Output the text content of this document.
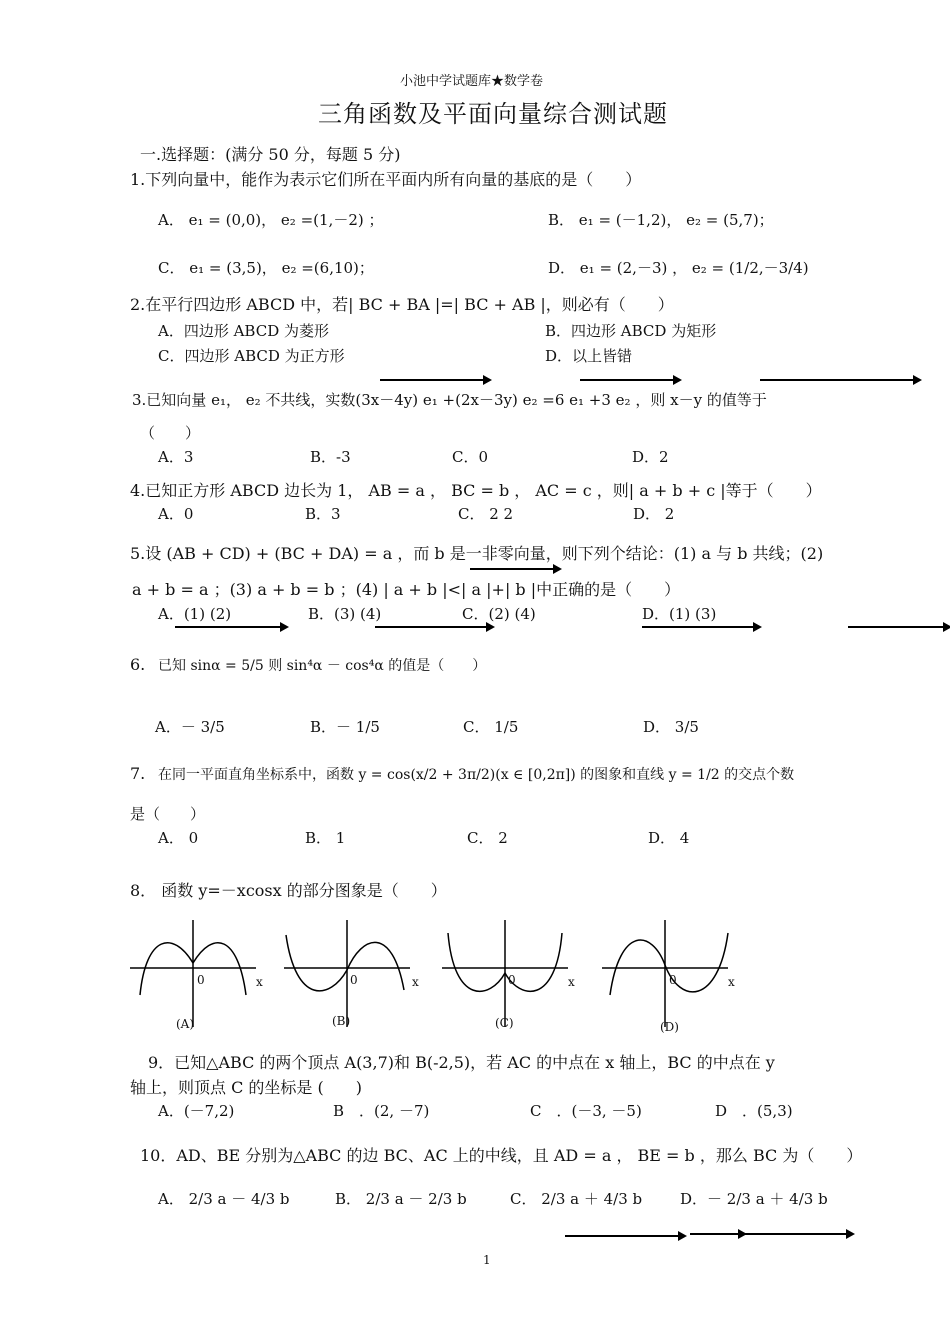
小池中学试题库★数学卷
三角函数及平面向量综合测试题
一.选择题：(满分 50 分，每题 5 分)
1.下列向量中，能作为表示它们所在平面内所有向量的基底的是（　　）
A． e₁ = (0,0)， e₂ =(1,－2) ；	B． e₁ = (－1,2)， e₂ = (5,7)；
C． e₁ = (3,5)， e₂ =(6,10)；	D． e₁ = (2,－3) ， e₂ = (1/2,－3/4)
2.在平行四边形 ABCD 中，若| BC + BA |=| BC + AB |，则必有（　　）
A．四边形 ABCD 为菱形	B．四边形 ABCD 为矩形
C．四边形 ABCD 为正方形	D．以上皆错
3.已知向量 e₁， e₂ 不共线，实数(3x－4y) e₁ +(2x－3y) e₂ =6 e₁ +3 e₂ ，则 x－y 的值等于
（　　）
A．3	B．-3	C．0	D．2
4.已知正方形 ABCD 边长为 1， AB = a ， BC = b ， AC = c ，则| a + b + c |等于（　　）
A．0	B．3	C． 2 2	D． 2
5.设 (AB + CD) + (BC + DA) = a ，而 b 是一非零向量，则下列个结论：(1) a 与 b 共线；(2)
a + b = a ；(3) a + b = b ；(4) | a + b |<| a |+| b |中正确的是（　　）
A．(1) (2)	B．(3) (4)	C．(2) (4)	D．(1) (3)
6. 已知 sinα = 5/5 则 sin⁴α － cos⁴α 的值是（　　）
A．－ 3/5	B．－ 1/5	C． 1/5	D． 3/5
7. 在同一平面直角坐标系中，函数 y = cos(x/2 + 3π/2)(x ∈ [0,2π]) 的图象和直线 y = 1/2 的交点个数
是（　　）
A． 0	B． 1	C． 2	D． 4
8． 函数 y=－xcosx 的部分图象是（　　）
0	x
(A)
0	x
(B)
0	x
(C)
0	x
(D)
9．已知△ABC 的两个顶点 A(3,7)和 B(-2,5)，若 AC 的中点在 x 轴上，BC 的中点在 y
轴上，则顶点 C 的坐标是 (　　)
A．(－7,2)	B　．(2, －7)	C　．(－3, －5)	D　．(5,3)
10．AD、BE 分别为△ABC 的边 BC、AC 上的中线，且 AD = a ， BE = b ，那么 BC 为（　　）
A． 2/3 a － 4/3 b	B． 2/3 a － 2/3 b	C． 2/3 a ＋ 4/3 b	D．－ 2/3 a ＋ 4/3 b
1
